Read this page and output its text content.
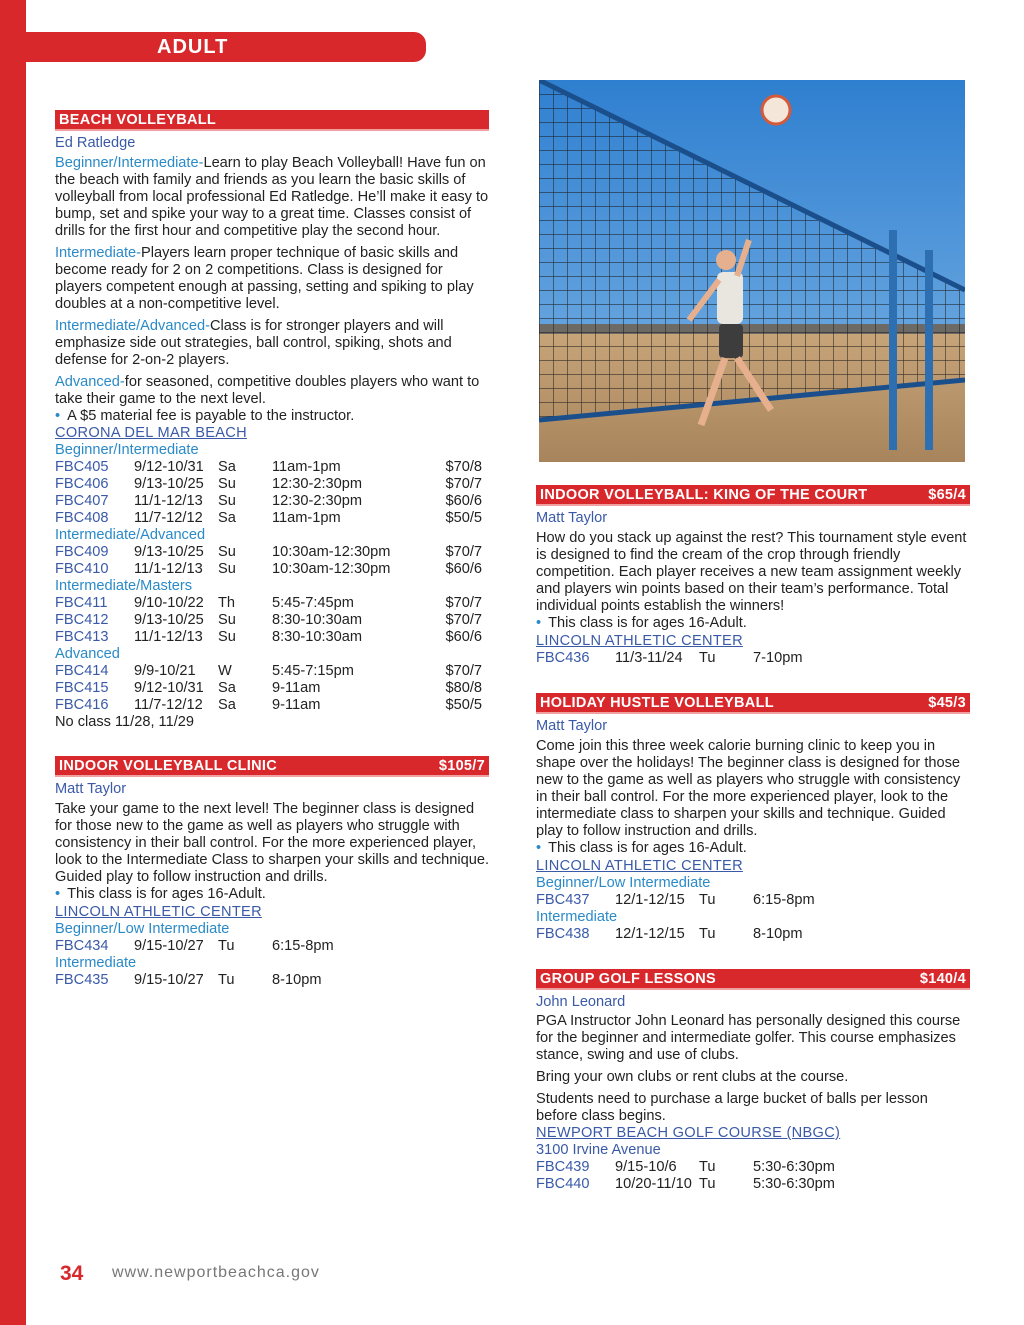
ADULT
BEACH VOLLEYBALL
Ed Ratledge

Beginner/Intermediate-Learn to play Beach Volleyball! Have fun on the beach with family and friends as you learn the basic skills of volleyball from local professional Ed Ratledge. He’ll make it easy to bump, set and spike your way to a great time. Classes consist of drills for the first hour and competitive play the second hour.

Intermediate-Players learn proper technique of basic skills and become ready for 2 on 2 competitions. Class is designed for players competent enough at passing, setting and spiking to play doubles at a non-competitive level.

Intermediate/Advanced-Class is for stronger players and will emphasize side out strategies, ball control, spiking, shots and defense for 2-on-2 players.

Advanced-for seasoned, competitive doubles players who want to take their game to the next level.

• A $5 material fee is payable to the instructor.
CORONA DEL MAR BEACH
Beginner/Intermediate
FBC405 9/12-10/31 Sa 11am-1pm	$70/8
FBC406 9/13-10/25 Su 12:30-2:30pm	$70/7
FBC407 11/1-12/13 Su 12:30-2:30pm	$60/6
FBC408 11/7-12/12 Sa 11am-1pm	$50/5
Intermediate/Advanced
FBC409 9/13-10/25 Su 10:30am-12:30pm	$70/7
FBC410 11/1-12/13 Su 10:30am-12:30pm	$60/6
Intermediate/Masters
FBC411 9/10-10/22 Th	5:45-7:45pm	$70/7
FBC412 9/13-10/25 Su 8:30-10:30am	$70/7
FBC413 11/1-12/13 Su 8:30-10:30am	$60/6
Advanced
FBC414 9/9-10/21 W	5:45-7:15pm	$70/7
FBC415 9/12-10/31 Sa 9-11am	$80/8
FBC416 11/7-12/12 Sa 9-11am	$50/5
No class 11/28, 11/29
INDOOR VOLLEYBALL CLINIC	$105/7
Matt Taylor

Take your game to the next level! The beginner class is designed for those new to the game as well as players who struggle with consistency in their ball control. For the more experienced player, look to the Intermediate Class to sharpen your skills and technique. Guided play to follow instruction and drills.

• This class is for ages 16-Adult.
LINCOLN ATHLETIC CENTER
Beginner/Low Intermediate
FBC434 9/15-10/27 Tu	6:15-8pm
Intermediate
FBC435 9/15-10/27 Tu	8-10pm
INDOOR VOLLEYBALL: KING OF THE COURT	$65/4
Matt Taylor

How do you stack up against the rest? This tournament style event is designed to find the cream of the crop through friendly competition. Each player receives a new team assignment weekly and players win points based on their team’s performance. Total individual points establish the winners!

• This class is for ages 16-Adult.
LINCOLN ATHLETIC CENTER
FBC436 11/3-11/24 Tu	7-10pm
HOLIDAY HUSTLE VOLLEYBALL	$45/3
Matt Taylor

Come join this three week calorie burning clinic to keep you in shape over the holidays! The beginner class is designed for those new to the game as well as players who struggle with consistency in their ball control. For the more experienced player, look to the intermediate class to sharpen your skills and technique. Guided play to follow instruction and drills.

• This class is for ages 16-Adult.
LINCOLN ATHLETIC CENTER
Beginner/Low Intermediate
FBC437 12/1-12/15 Tu	6:15-8pm
Intermediate
FBC438 12/1-12/15 Tu	8-10pm
GROUP GOLF LESSONS	$140/4
John Leonard

PGA Instructor John Leonard has personally designed this course for the beginner and intermediate golfer. This course emphasizes stance, swing and use of clubs.

Bring your own clubs or rent clubs at the course.

Students need to purchase a large bucket of balls per lesson before class begins.

NEWPORT BEACH GOLF COURSE (NBGC)
3100 Irvine Avenue
FBC439 9/15-10/6 Tu	5:30-6:30pm
FBC440 10/20-11/10 Tu	5:30-6:30pm
34 www.newportbeachca.gov
